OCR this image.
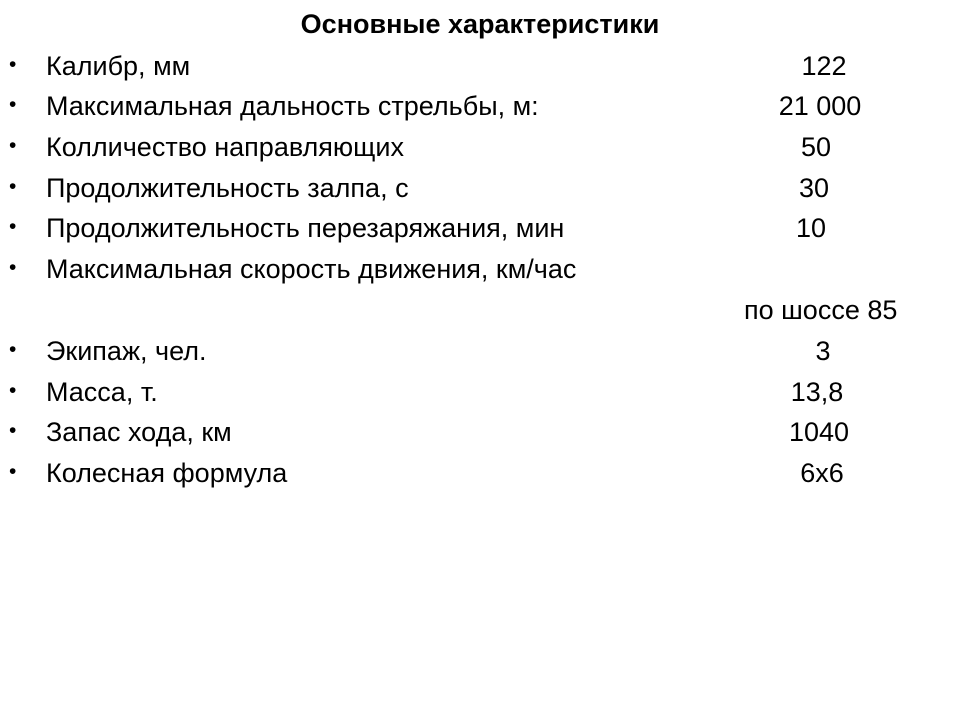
Основные характеристики
• Калибр, мм	122
• Максимальная дальность стрельбы, м:	21 000
• Колличество направляющих	50
• Продолжительность залпа, с	30
• Продолжительность перезаряжания, мин	10
• Максимальная скорость движения, км/час
по шоссе 85
• Экипаж, чел.	3
• Масса, т.	13,8
• Запас хода, км	1040
• Колесная формула	6х6
